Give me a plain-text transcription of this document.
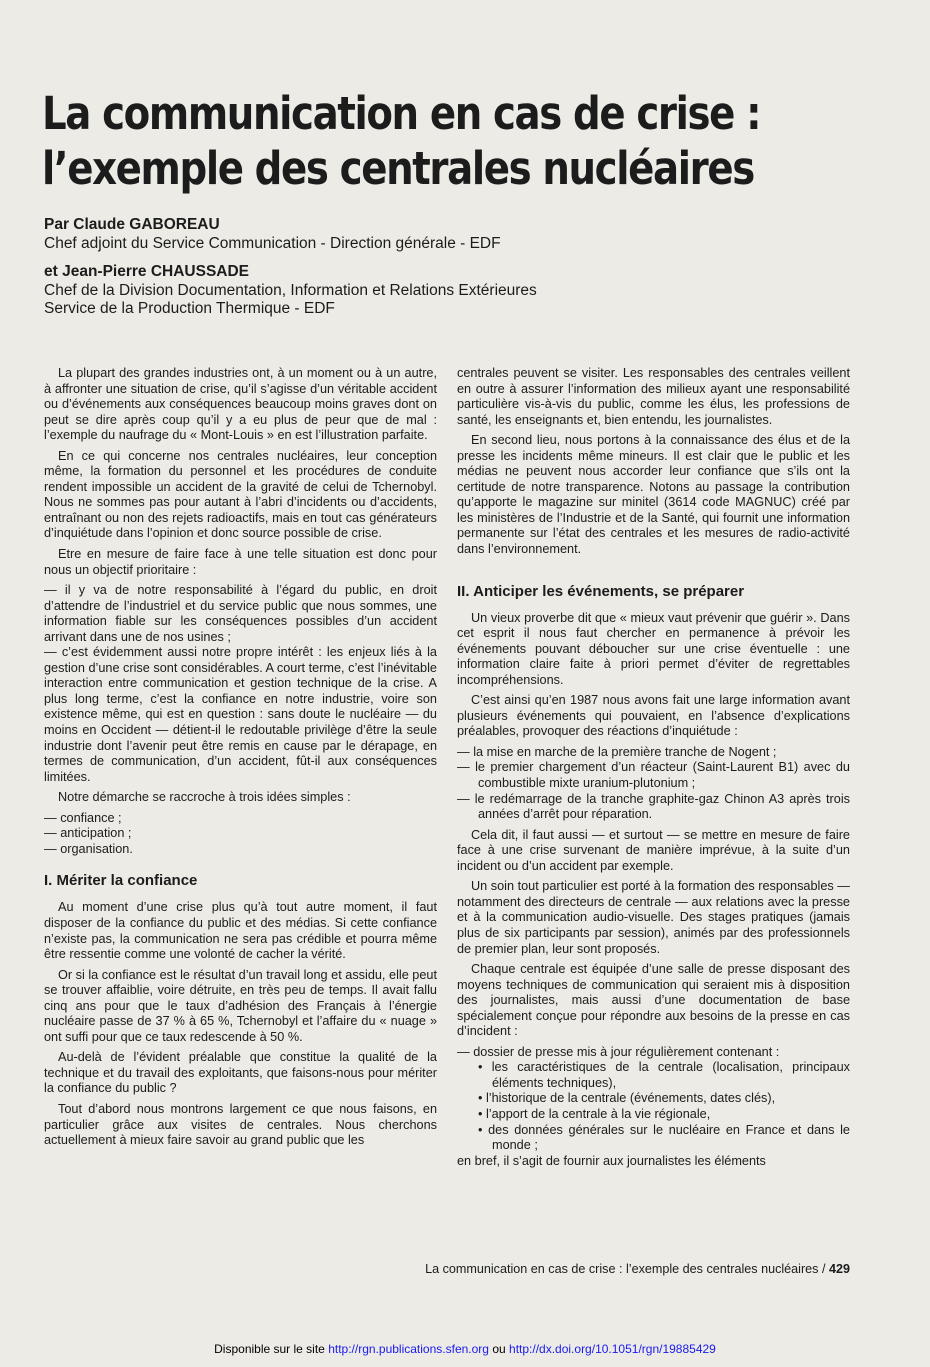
La communication en cas de crise :
l’exemple des centrales nucléaires

Par Claude GABOREAU

Chef adjoint du Service Communication - Direction générale - EDF

et Jean-Pierre CHAUSSADE

Chef de la Division Documentation, Information et Relations Extérieures

Service de la Production Thermique - EDF

La plupart des grandes industries ont, à un moment ou à un autre, à affronter une situation de crise, qu’il s’agisse d’un véritable accident ou d’événements aux conséquences beaucoup moins graves dont on peut se dire après coup qu’il y a eu plus de peur que de mal : l’exemple du naufrage du « Mont-Louis » en est l’illustration parfaite.

En ce qui concerne nos centrales nucléaires, leur conception même, la formation du personnel et les procédures de conduite rendent impossible un accident de la gravité de celui de Tchernobyl. Nous ne sommes pas pour autant à l’abri d’incidents ou d’accidents, entraînant ou non des rejets radioactifs, mais en tout cas générateurs d’inquiétude dans l’opinion et donc source possible de crise.

Etre en mesure de faire face à une telle situation est donc pour nous un objectif prioritaire :

— il y va de notre responsabilité à l’égard du public, en droit d’attendre de l’industriel et du service public que nous sommes, une information fiable sur les conséquences possibles d’un accident arrivant dans une de nos usines ;

— c’est évidemment aussi notre propre intérêt : les enjeux liés à la gestion d’une crise sont considérables. A court terme, c’est l’inévitable interaction entre communication et gestion technique de la crise. A plus long terme, c’est la confiance en notre industrie, voire son existence même, qui est en question : sans doute le nucléaire — du moins en Occident — détient-il le redoutable privilège d’être la seule industrie dont l’avenir peut être remis en cause par le dérapage, en termes de communication, d’un accident, fût-il aux conséquences limitées.

Notre démarche se raccroche à trois idées simples :

— confiance ;

— anticipation ;

— organisation.

I. Mériter la confiance

Au moment d’une crise plus qu’à tout autre moment, il faut disposer de la confiance du public et des médias. Si cette confiance n’existe pas, la communication ne sera pas crédible et pourra même être ressentie comme une volonté de cacher la vérité.

Or si la confiance est le résultat d’un travail long et assidu, elle peut se trouver affaiblie, voire détruite, en très peu de temps. Il avait fallu cinq ans pour que le taux d’adhésion des Français à l’énergie nucléaire passe de 37 % à 65 %, Tchernobyl et l’affaire du « nuage » ont suffi pour que ce taux redescende à 50 %.

Au-delà de l’évident préalable que constitue la qualité de la technique et du travail des exploitants, que faisons-nous pour mériter la confiance du public ?

Tout d’abord nous montrons largement ce que nous faisons, en particulier grâce aux visites de centrales. Nous cherchons actuellement à mieux faire savoir au grand public que les

centrales peuvent se visiter. Les responsables des centrales veillent en outre à assurer l’information des milieux ayant une responsabilité particulière vis-à-vis du public, comme les élus, les professions de santé, les enseignants et, bien entendu, les journalistes.

En second lieu, nous portons à la connaissance des élus et de la presse les incidents même mineurs. Il est clair que le public et les médias ne peuvent nous accorder leur confiance que s’ils ont la certitude de notre transparence. Notons au passage la contribution qu’apporte le magazine sur minitel (3614 code MAGNUC) créé par les ministères de l’Industrie et de la Santé, qui fournit une information permanente sur l’état des centrales et les mesures de radio-activité dans l’environnement.

II. Anticiper les événements, se préparer

Un vieux proverbe dit que « mieux vaut prévenir que guérir ». Dans cet esprit il nous faut chercher en permanence à prévoir les événements pouvant déboucher sur une crise éventuelle : une information claire faite à priori permet d’éviter de regrettables incompréhensions.

C’est ainsi qu’en 1987 nous avons fait une large information avant plusieurs événements qui pouvaient, en l’absence d’explications préalables, provoquer des réactions d’inquiétude :

— la mise en marche de la première tranche de Nogent ;

— le premier chargement d’un réacteur (Saint-Laurent B1) avec du combustible mixte uranium-plutonium ;

— le redémarrage de la tranche graphite-gaz Chinon A3 après trois années d’arrêt pour réparation.

Cela dit, il faut aussi — et surtout — se mettre en mesure de faire face à une crise survenant de manière imprévue, à la suite d’un incident ou d’un accident par exemple.

Un soin tout particulier est porté à la formation des responsables — notamment des directeurs de centrale — aux relations avec la presse et à la communication audio-visuelle. Des stages pratiques (jamais plus de six participants par session), animés par des professionnels de premier plan, leur sont proposés.

Chaque centrale est équipée d’une salle de presse disposant des moyens techniques de communication qui seraient mis à disposition des journalistes, mais aussi d’une documentation de base spécialement conçue pour répondre aux besoins de la presse en cas d’incident :

— dossier de presse mis à jour régulièrement contenant :

• les caractéristiques de la centrale (localisation, principaux éléments techniques),

• l’historique de la centrale (événements, dates clés),

• l’apport de la centrale à la vie régionale,

• des données générales sur le nucléaire en France et dans le monde ;

en bref, il s’agit de fournir aux journalistes les éléments

La communication en cas de crise : l’exemple des centrales nucléaires / 429
Disponible sur le site http://rgn.publications.sfen.org ou http://dx.doi.org/10.1051/rgn/19885429
